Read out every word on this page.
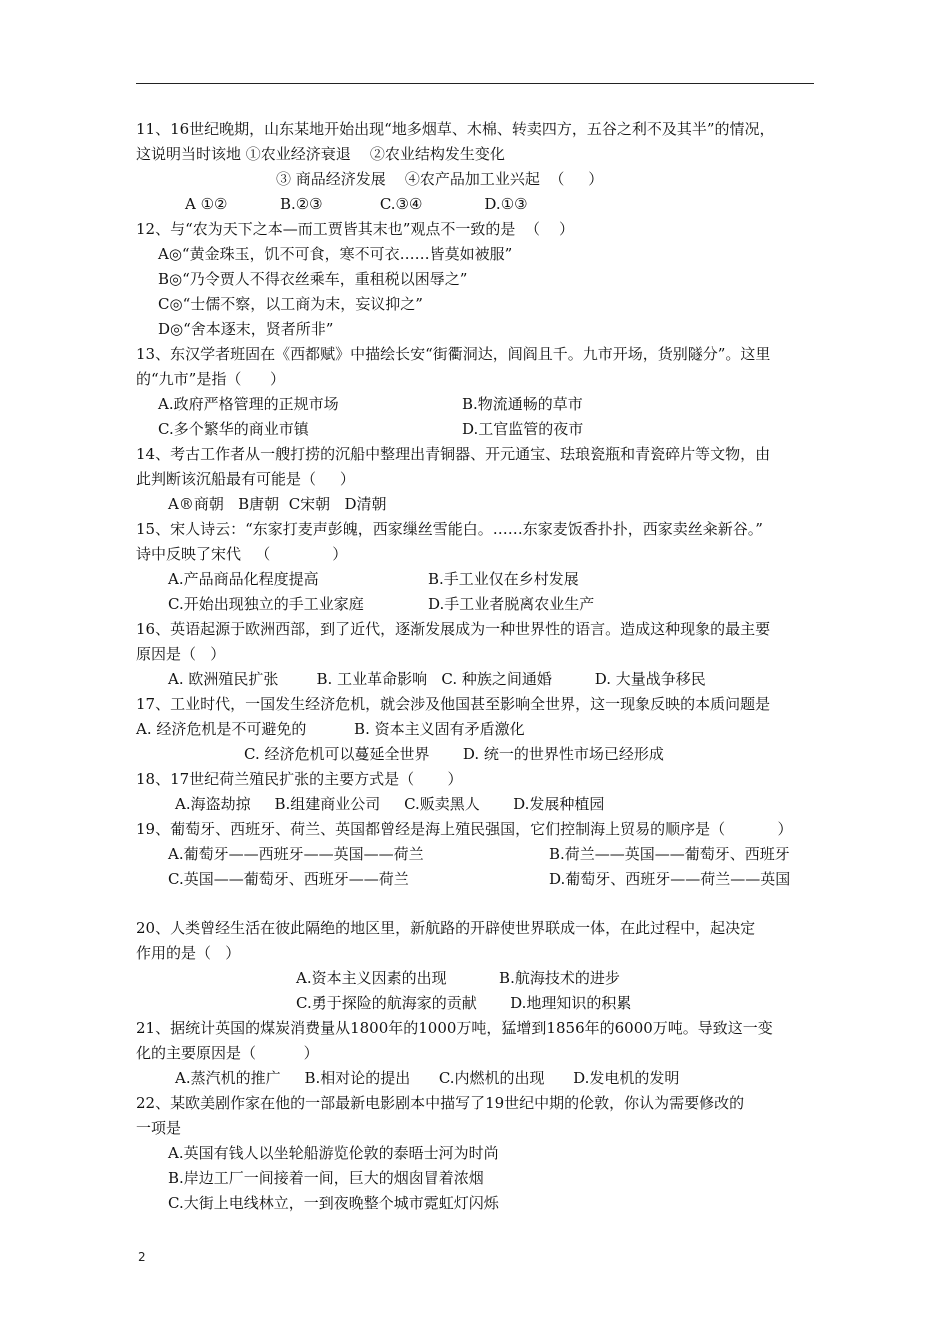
11、16世纪晚期，山东某地开始出现“地多烟草、木棉、转卖四方，五谷之利不及其半”的情况，
这说明当时该地 ①农业经济衰退    ②农业结构发生变化
③ 商品经济发展    ④农产品加工业兴起  （     ）
A ①②           B.②③            C.③④             D.①③
12、与“农为天下之本—而工贾皆其末也”观点不一致的是  （    ）
A◎“黄金珠玉，饥不可食，寒不可衣……皆莫如被服”
B◎“乃令贾人不得衣丝乘车，重租税以困辱之”
C◎“士儒不察，以工商为末，妄议抑之”
D◎“舍本逐末，贤者所非”
13、东汉学者班固在《西都赋》中描绘长安“街衢洞达，闾阎且千。九市开场，货别隧分”。这里
的“九市”是指（      ）
A.政府严格管理的正规市场	B.物流通畅的草市
C.多个繁华的商业市镇	D.工官监管的夜市
14、考古工作者从一艘打捞的沉船中整理出青铜器、开元通宝、珐琅瓷瓶和青瓷碎片等文物，由
此判断该沉船最有可能是（     ）
A®商朝   B唐朝  C宋朝   D清朝
15、宋人诗云：“东家打麦声彭魄，西家缫丝雪能白。……东家麦饭香扑扑，西家卖丝籴新谷。”
诗中反映了宋代   （             ）
A.产品商品化程度提高	B.手工业仅在乡村发展
C.开始出现独立的手工业家庭	D.手工业者脱离农业生产
16、英语起源于欧洲西部，到了近代，逐渐发展成为一种世界性的语言。造成这种现象的最主要
原因是（   ）
A. 欧洲殖民扩张        B. 工业革命影响   C. 种族之间通婚         D. 大量战争移民
17、工业时代，一国发生经济危机，就会涉及他国甚至影响全世界，这一现象反映的本质问题是
A. 经济危机是不可避免的          B. 资本主义固有矛盾激化
C. 经济危机可以蔓延全世界       D. 统一的世界性市场已经形成
18、17世纪荷兰殖民扩张的主要方式是（       ）
A.海盗劫掠     B.组建商业公司     C.贩卖黑人       D.发展种植园
19、葡萄牙、西班牙、荷兰、英国都曾经是海上殖民强国，它们控制海上贸易的顺序是（           ）
A.葡萄牙——西班牙——英国——荷兰	B.荷兰——英国——葡萄牙、西班牙
C.英国——葡萄牙、西班牙——荷兰	D.葡萄牙、西班牙——荷兰——英国
20、人类曾经生活在彼此隔绝的地区里，新航路的开辟使世界联成一体，在此过程中，起决定
作用的是（   ）
A.资本主义因素的出现           B.航海技术的进步
C.勇于探险的航海家的贡献       D.地理知识的积累
21、据统计英国的煤炭消费量从1800年的1000万吨，猛增到1856年的6000万吨。导致这一变
化的主要原因是（          ）
A.蒸汽机的推广     B.相对论的提出      C.内燃机的出现      D.发电机的发明
22、某欧美剧作家在他的一部最新电影剧本中描写了19世纪中期的伦敦，你认为需要修改的
一项是
A.英国有钱人以坐轮船游览伦敦的泰晤士河为时尚
B.岸边工厂一间接着一间，巨大的烟囱冒着浓烟
C.大街上电线林立，一到夜晚整个城市霓虹灯闪烁
2
